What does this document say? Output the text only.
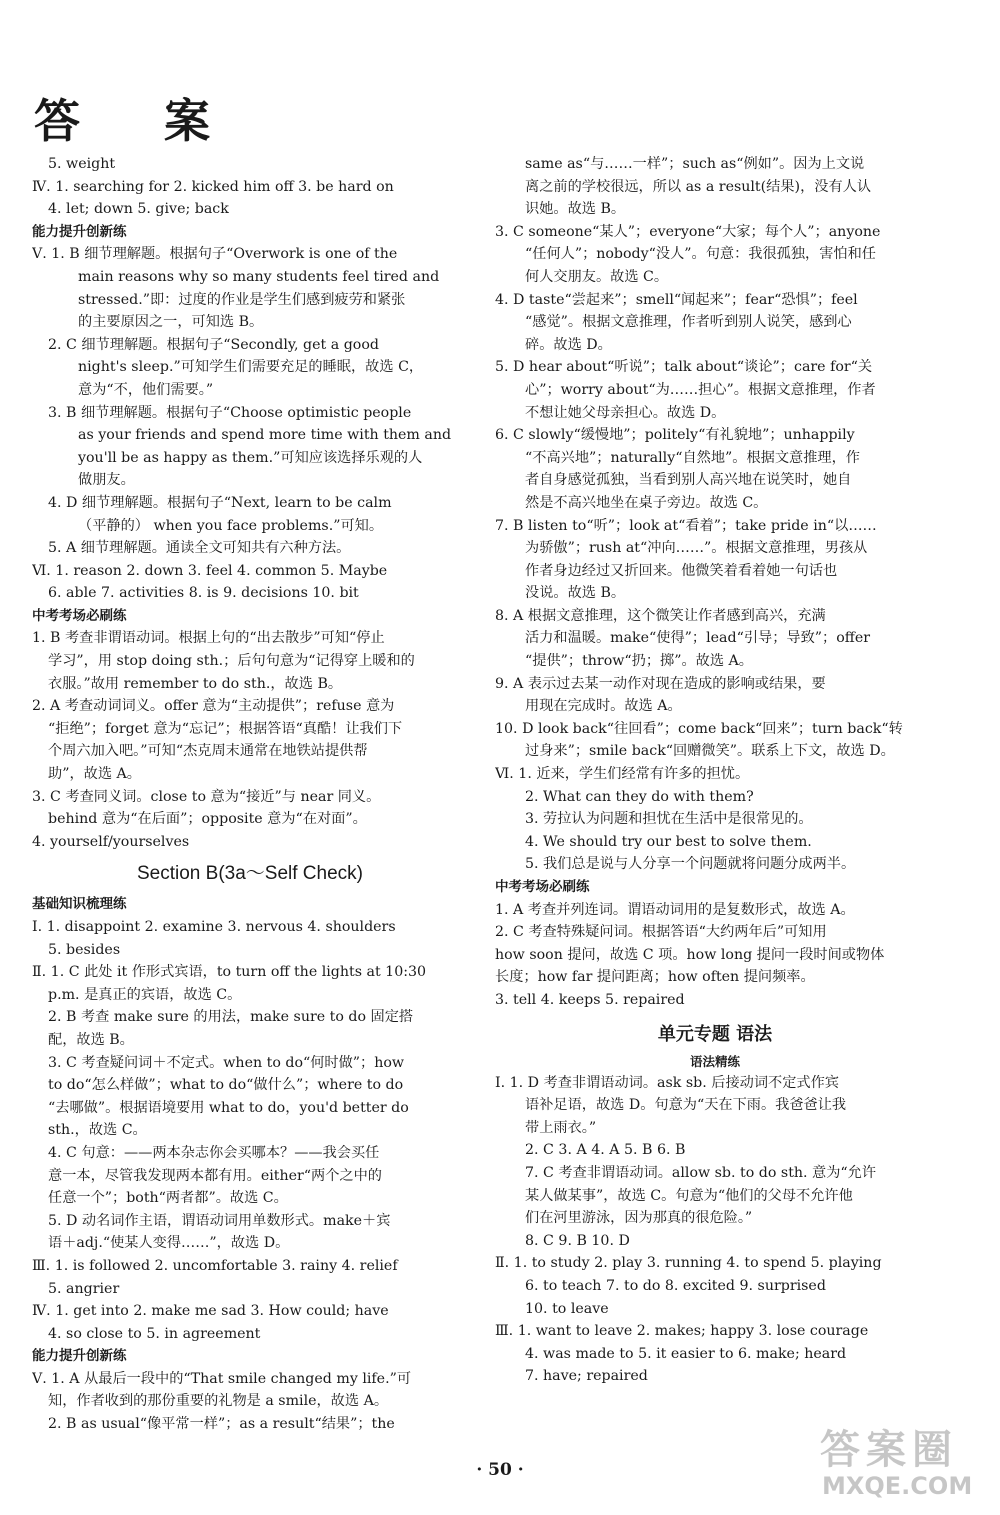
答 案
5. weight
Ⅳ. 1. searching for 2. kicked him off 3. be hard on
4. let; down 5. give; back
能力提升创新练
Ⅴ. 1. B 细节理解题。根据句子“Overwork is one of the
main reasons why so many students feel tired and
stressed.”即：过度的作业是学生们感到疲劳和紧张
的主要原因之一，可知选 B。
2. C 细节理解题。根据句子“Secondly, get a good
night's sleep.”可知学生们需要充足的睡眠，故选 C，
意为“不，他们需要。”
3. B 细节理解题。根据句子“Choose optimistic people
as your friends and spend more time with them and
you'll be as happy as them.”可知应该选择乐观的人
做朋友。
4. D 细节理解题。根据句子“Next, learn to be calm
（平静的） when you face problems.”可知。
5. A 细节理解题。通读全文可知共有六种方法。
Ⅵ. 1. reason 2. down 3. feel 4. common 5. Maybe
6. able 7. activities 8. is 9. decisions 10. bit
中考考场必刷练
1. B 考查非谓语动词。根据上句的“出去散步”可知“停止
学习”，用 stop doing sth.；后句句意为“记得穿上暖和的
衣服。”故用 remember to do sth.，故选 B。
2. A 考查动词词义。offer 意为“主动提供”；refuse 意为
“拒绝”；forget 意为“忘记”；根据答语“真酷！让我们下
个周六加入吧。”可知“杰克周末通常在地铁站提供帮
助”，故选 A。
3. C 考查同义词。close to 意为“接近”与 near 同义。
behind 意为“在后面”；opposite 意为“在对面”。
4. yourself/yourselves
Section B(3a～Self Check)
基础知识梳理练
Ⅰ. 1. disappoint 2. examine 3. nervous 4. shoulders
5. besides
Ⅱ. 1. C 此处 it 作形式宾语，to turn off the lights at 10:30
p.m. 是真正的宾语，故选 C。
2. B 考查 make sure 的用法，make sure to do 固定搭
配，故选 B。
3. C 考查疑问词＋不定式。when to do“何时做”；how
to do“怎么样做”；what to do“做什么”；where to do
“去哪做”。根据语境要用 what to do，you'd better do
sth.，故选 C。
4. C 句意：——两本杂志你会买哪本？——我会买任
意一本，尽管我发现两本都有用。either“两个之中的
任意一个”；both“两者都”。故选 C。
5. D 动名词作主语，谓语动词用单数形式。make＋宾
语＋adj.“使某人变得……”，故选 D。
Ⅲ. 1. is followed 2. uncomfortable 3. rainy 4. relief
5. angrier
Ⅳ. 1. get into 2. make me sad 3. How could; have
4. so close to 5. in agreement
能力提升创新练
Ⅴ. 1. A 从最后一段中的“That smile changed my life.”可
知，作者收到的那份重要的礼物是 a smile，故选 A。
2. B as usual“像平常一样”；as a result“结果”；the
same as“与……一样”；such as“例如”。因为上文说
离之前的学校很远，所以 as a result(结果)，没有人认
识她。故选 B。
3. C someone“某人”；everyone“大家；每个人”；anyone
“任何人”；nobody“没人”。句意：我很孤独，害怕和任
何人交朋友。故选 C。
4. D taste“尝起来”；smell“闻起来”；fear“恐惧”；feel
“感觉”。根据文意推理，作者听到别人说笑，感到心
碎。故选 D。
5. D hear about“听说”；talk about“谈论”；care for“关
心”；worry about“为……担心”。根据文意推理，作者
不想让她父母亲担心。故选 D。
6. C slowly“缓慢地”；politely“有礼貌地”；unhappily
“不高兴地”；naturally“自然地”。根据文意推理，作
者自身感觉孤独，当看到别人高兴地在说笑时，她自
然是不高兴地坐在桌子旁边。故选 C。
7. B listen to“听”；look at“看着”；take pride in“以……
为骄傲”；rush at“冲向……”。根据文意推理，男孩从
作者身边经过又折回来。他微笑着看着她一句话也
没说。故选 B。
8. A 根据文意推理，这个微笑让作者感到高兴，充满
活力和温暖。make“使得”；lead“引导；导致”；offer
“提供”；throw“扔；掷”。故选 A。
9. A 表示过去某一动作对现在造成的影响或结果，要
用现在完成时。故选 A。
10. D look back“往回看”；come back“回来”；turn back“转
过身来”；smile back“回赠微笑”。联系上下文，故选 D。
Ⅵ. 1. 近来，学生们经常有许多的担忧。
2. What can they do with them?
3. 劳拉认为问题和担忧在生活中是很常见的。
4. We should try our best to solve them.
5. 我们总是说与人分享一个问题就将问题分成两半。
中考考场必刷练
1. A 考查并列连词。谓语动词用的是复数形式，故选 A。
2. C 考查特殊疑问词。根据答语“大约两年后”可知用
how soon 提问，故选 C 项。how long 提问一段时间或物体
长度；how far 提问距离；how often 提问频率。
3. tell 4. keeps 5. repaired
单元专题 语法
语法精练
Ⅰ. 1. D 考查非谓语动词。ask sb. 后接动词不定式作宾
语补足语，故选 D。句意为“天在下雨。我爸爸让我
带上雨衣。”
2. C 3. A 4. A 5. B 6. B
7. C 考查非谓语动词。allow sb. to do sth. 意为“允许
某人做某事”，故选 C。句意为“他们的父母不允许他
们在河里游泳，因为那真的很危险。”
8. C 9. B 10. D
Ⅱ. 1. to study 2. play 3. running 4. to spend 5. playing
6. to teach 7. to do 8. excited 9. surprised
10. to leave
Ⅲ. 1. want to leave 2. makes; happy 3. lose courage
4. was made to 5. it easier to 6. make; heard
7. have; repaired
· 50 ·	答案圈
MXQE.COM
